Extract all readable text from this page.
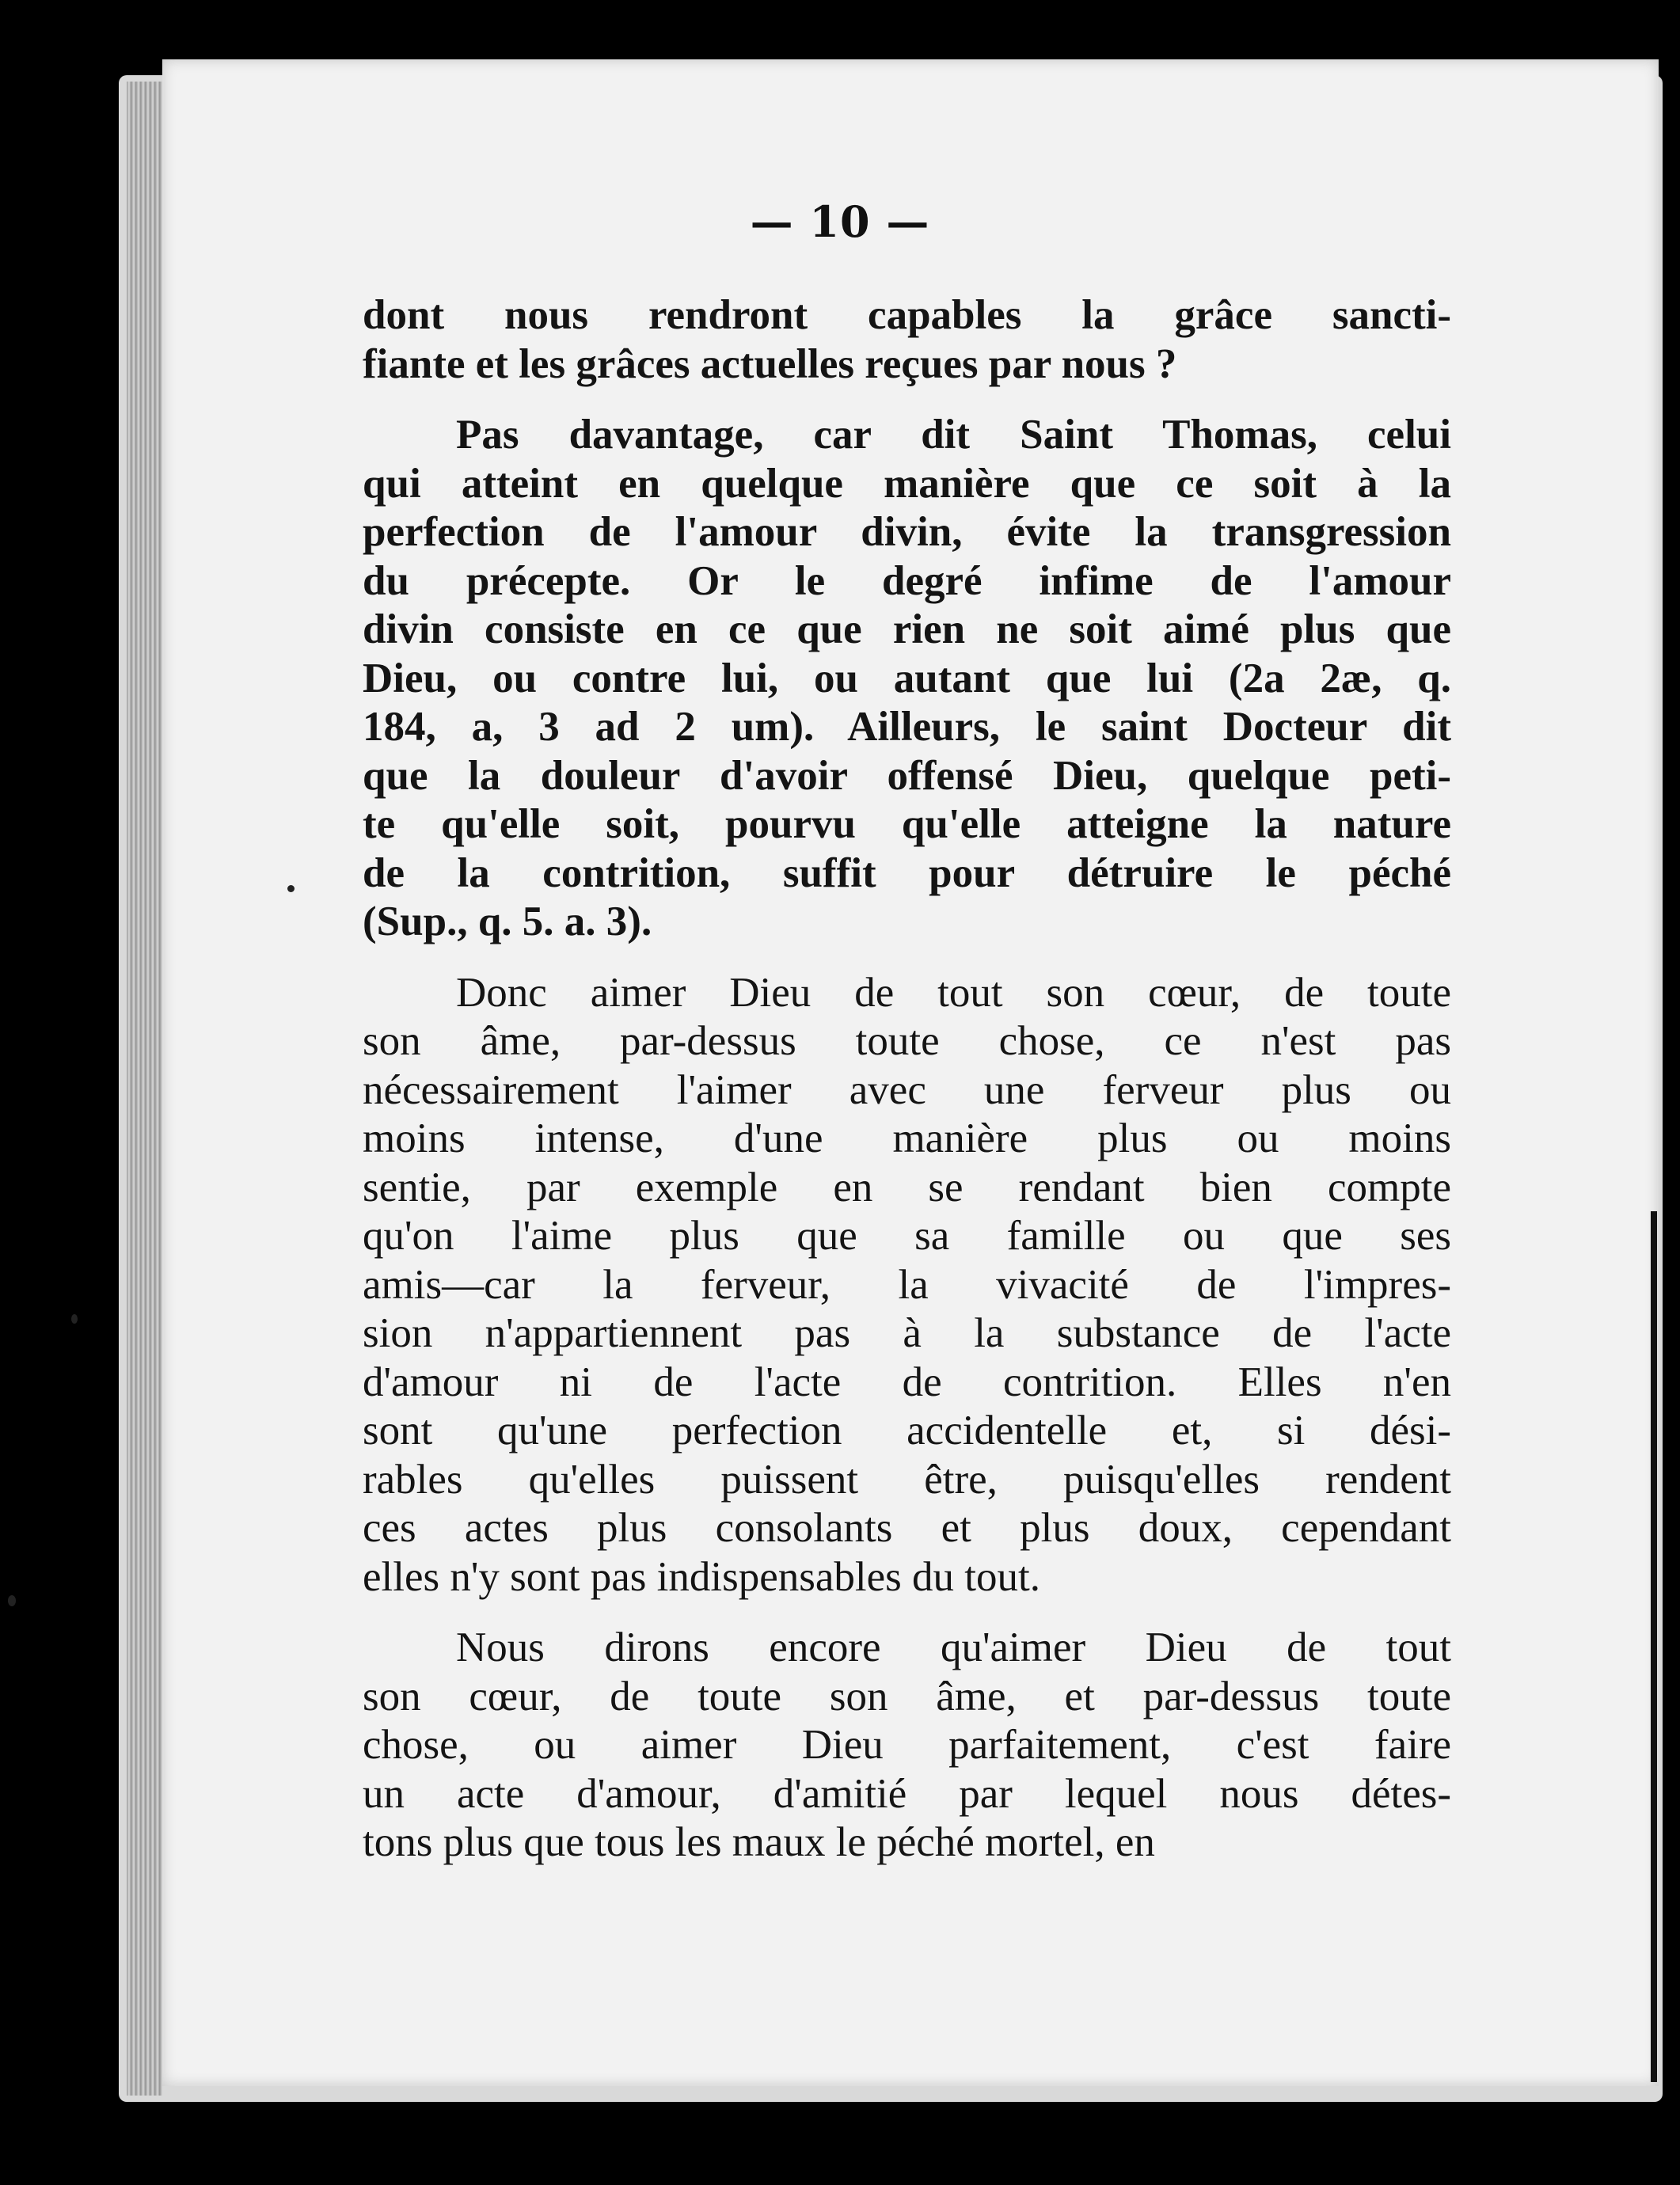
— 10 —

dont nous rendront capables la grâce sancti-
fiante et les grâces actuelles reçues par nous ?

Pas davantage, car dit Saint Thomas, celui
qui atteint en quelque manière que ce soit à la
perfection de l'amour divin, évite la transgression
du précepte. Or le degré infime de l'amour
divin consiste en ce que rien ne soit aimé plus que
Dieu, ou contre lui, ou autant que lui (2a 2æ, q.
184, a, 3 ad 2 um). Ailleurs, le saint Docteur dit
que la douleur d'avoir offensé Dieu, quelque peti-
te qu'elle soit, pourvu qu'elle atteigne la nature
de la contrition, suffit pour détruire le péché
(Sup., q. 5. a. 3).

Donc aimer Dieu de tout son cœur, de toute
son âme, par-dessus toute chose, ce n'est pas
nécessairement l'aimer avec une ferveur plus ou
moins intense, d'une manière plus ou moins
sentie, par exemple en se rendant bien compte
qu'on l'aime plus que sa famille ou que ses
amis—car la ferveur, la vivacité de l'impres-
sion n'appartiennent pas à la substance de l'acte
d'amour ni de l'acte de contrition. Elles n'en
sont qu'une perfection accidentelle et, si dési-
rables qu'elles puissent être, puisqu'elles rendent
ces actes plus consolants et plus doux, cependant
elles n'y sont pas indispensables du tout.

Nous dirons encore qu'aimer Dieu de tout
son cœur, de toute son âme, et par-dessus toute
chose, ou aimer Dieu parfaitement, c'est faire
un acte d'amour, d'amitié par lequel nous détes-
tons plus que tous les maux le péché mortel, en
